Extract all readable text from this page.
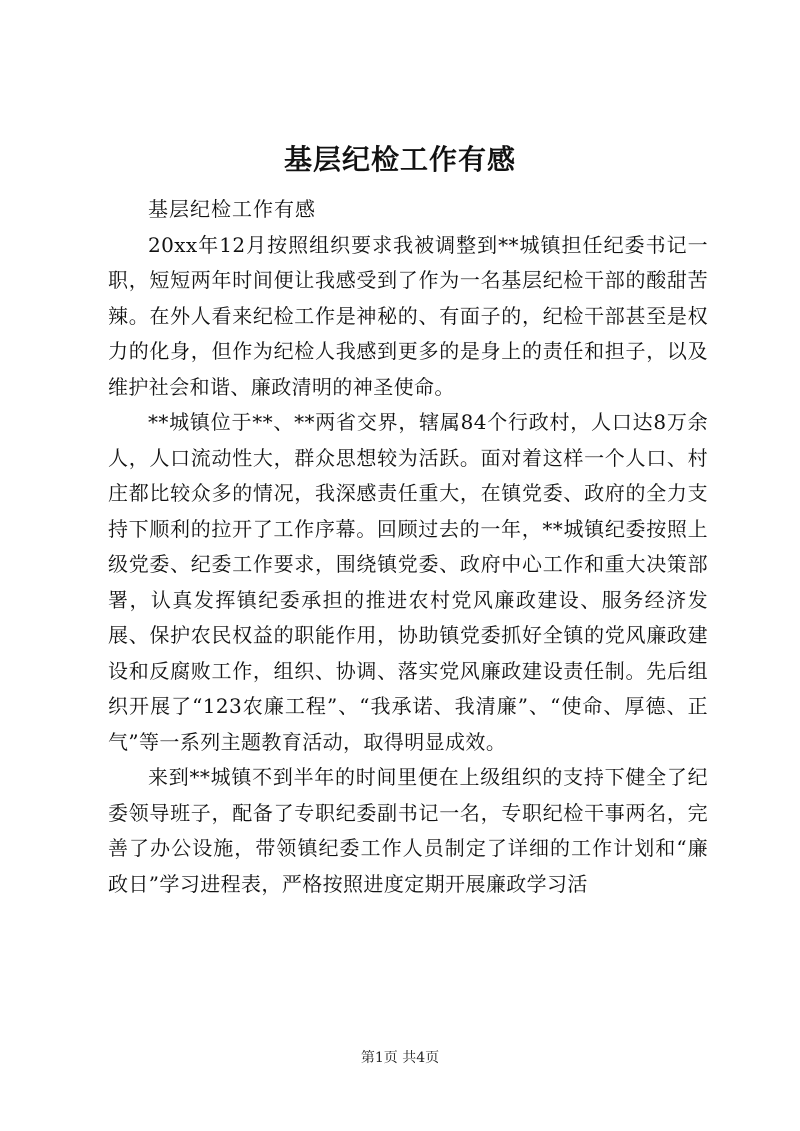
基层纪检工作有感

基层纪检工作有感

20xx年12月按照组织要求我被调整到**城镇担任纪委书记一职，短短两年时间便让我感受到了作为一名基层纪检干部的酸甜苦辣。在外人看来纪检工作是神秘的、有面子的，纪检干部甚至是权力的化身，但作为纪检人我感到更多的是身上的责任和担子，以及维护社会和谐、廉政清明的神圣使命。

**城镇位于**、**两省交界，辖属84个行政村，人口达8万余人，人口流动性大，群众思想较为活跃。面对着这样一个人口、村庄都比较众多的情况，我深感责任重大，在镇党委、政府的全力支持下顺利的拉开了工作序幕。回顾过去的一年，**城镇纪委按照上级党委、纪委工作要求，围绕镇党委、政府中心工作和重大决策部署，认真发挥镇纪委承担的推进农村党风廉政建设、服务经济发展、保护农民权益的职能作用，协助镇党委抓好全镇的党风廉政建设和反腐败工作，组织、协调、落实党风廉政建设责任制。先后组织开展了“123农廉工程”、“我承诺、我清廉”、“使命、厚德、正气”等一系列主题教育活动，取得明显成效。

来到**城镇不到半年的时间里便在上级组织的支持下健全了纪委领导班子，配备了专职纪委副书记一名，专职纪检干事两名，完善了办公设施，带领镇纪委工作人员制定了详细的工作计划和“廉政日”学习进程表，严格按照进度定期开展廉政学习活

第1页 共4页
